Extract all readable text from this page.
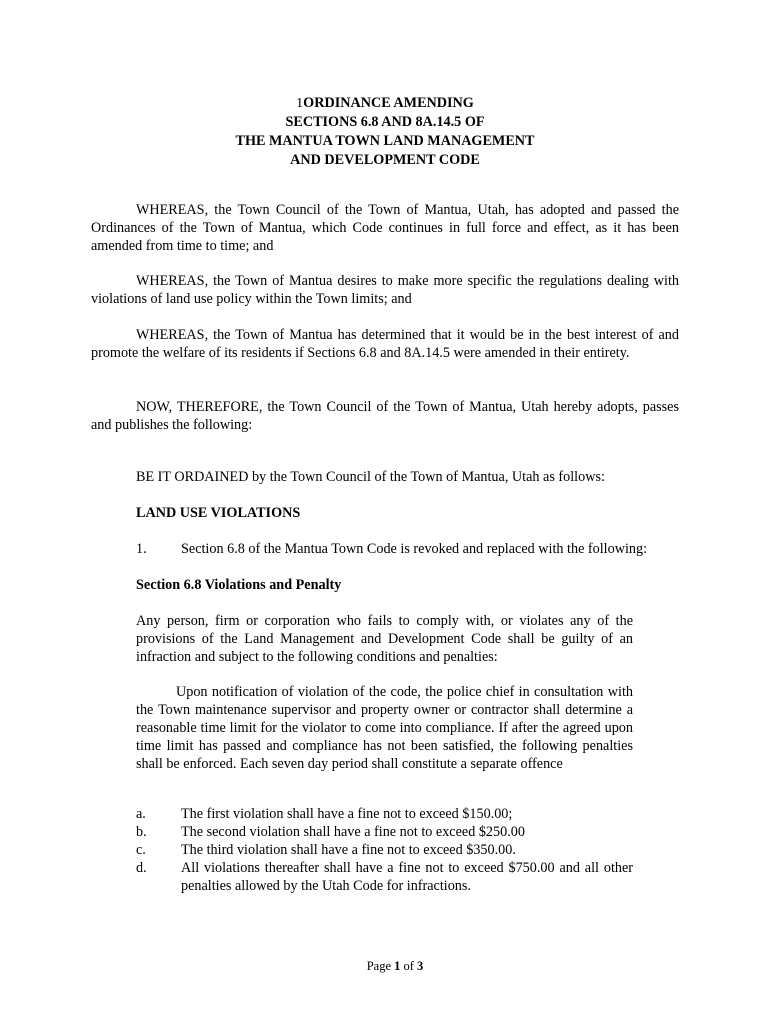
1ORDINANCE AMENDING
SECTIONS 6.8 AND 8A.14.5 OF
THE MANTUA TOWN LAND MANAGEMENT
AND DEVELOPMENT CODE

WHEREAS, the Town Council of the Town of Mantua, Utah, has adopted and passed the Ordinances of the Town of Mantua, which Code continues in full force and effect, as it has been amended from time to time; and

WHEREAS, the Town of Mantua desires to make more specific the regulations dealing with violations of land use policy within the Town limits; and

WHEREAS, the Town of Mantua has determined that it would be in the best interest of and promote the welfare of its residents if Sections 6.8 and 8A.14.5 were amended in their entirety.

NOW, THEREFORE, the Town Council of the Town of Mantua, Utah hereby adopts, passes and publishes the following:

BE IT ORDAINED by the Town Council of the Town of Mantua, Utah as follows:
LAND USE VIOLATIONS
1. Section 6.8 of the Mantua Town Code is revoked and replaced with the following:
Section 6.8 Violations and Penalty

Any person, firm or corporation who fails to comply with, or violates any of the provisions of the Land Management and Development Code shall be guilty of an infraction and subject to the following conditions and penalties:

Upon notification of violation of the code, the police chief in consultation with the Town maintenance supervisor and property owner or contractor shall determine a reasonable time limit for the violator to come into compliance. If after the agreed upon time limit has passed and compliance has not been satisfied, the following penalties shall be enforced. Each seven day period shall constitute a separate offence

a. The first violation shall have a fine not to exceed $150.00;
b. The second violation shall have a fine not to exceed $250.00
c. The third violation shall have a fine not to exceed $350.00.
d. All violations thereafter shall have a fine not to exceed $750.00 and all other penalties allowed by the Utah Code for infractions.
Page 1 of 3
